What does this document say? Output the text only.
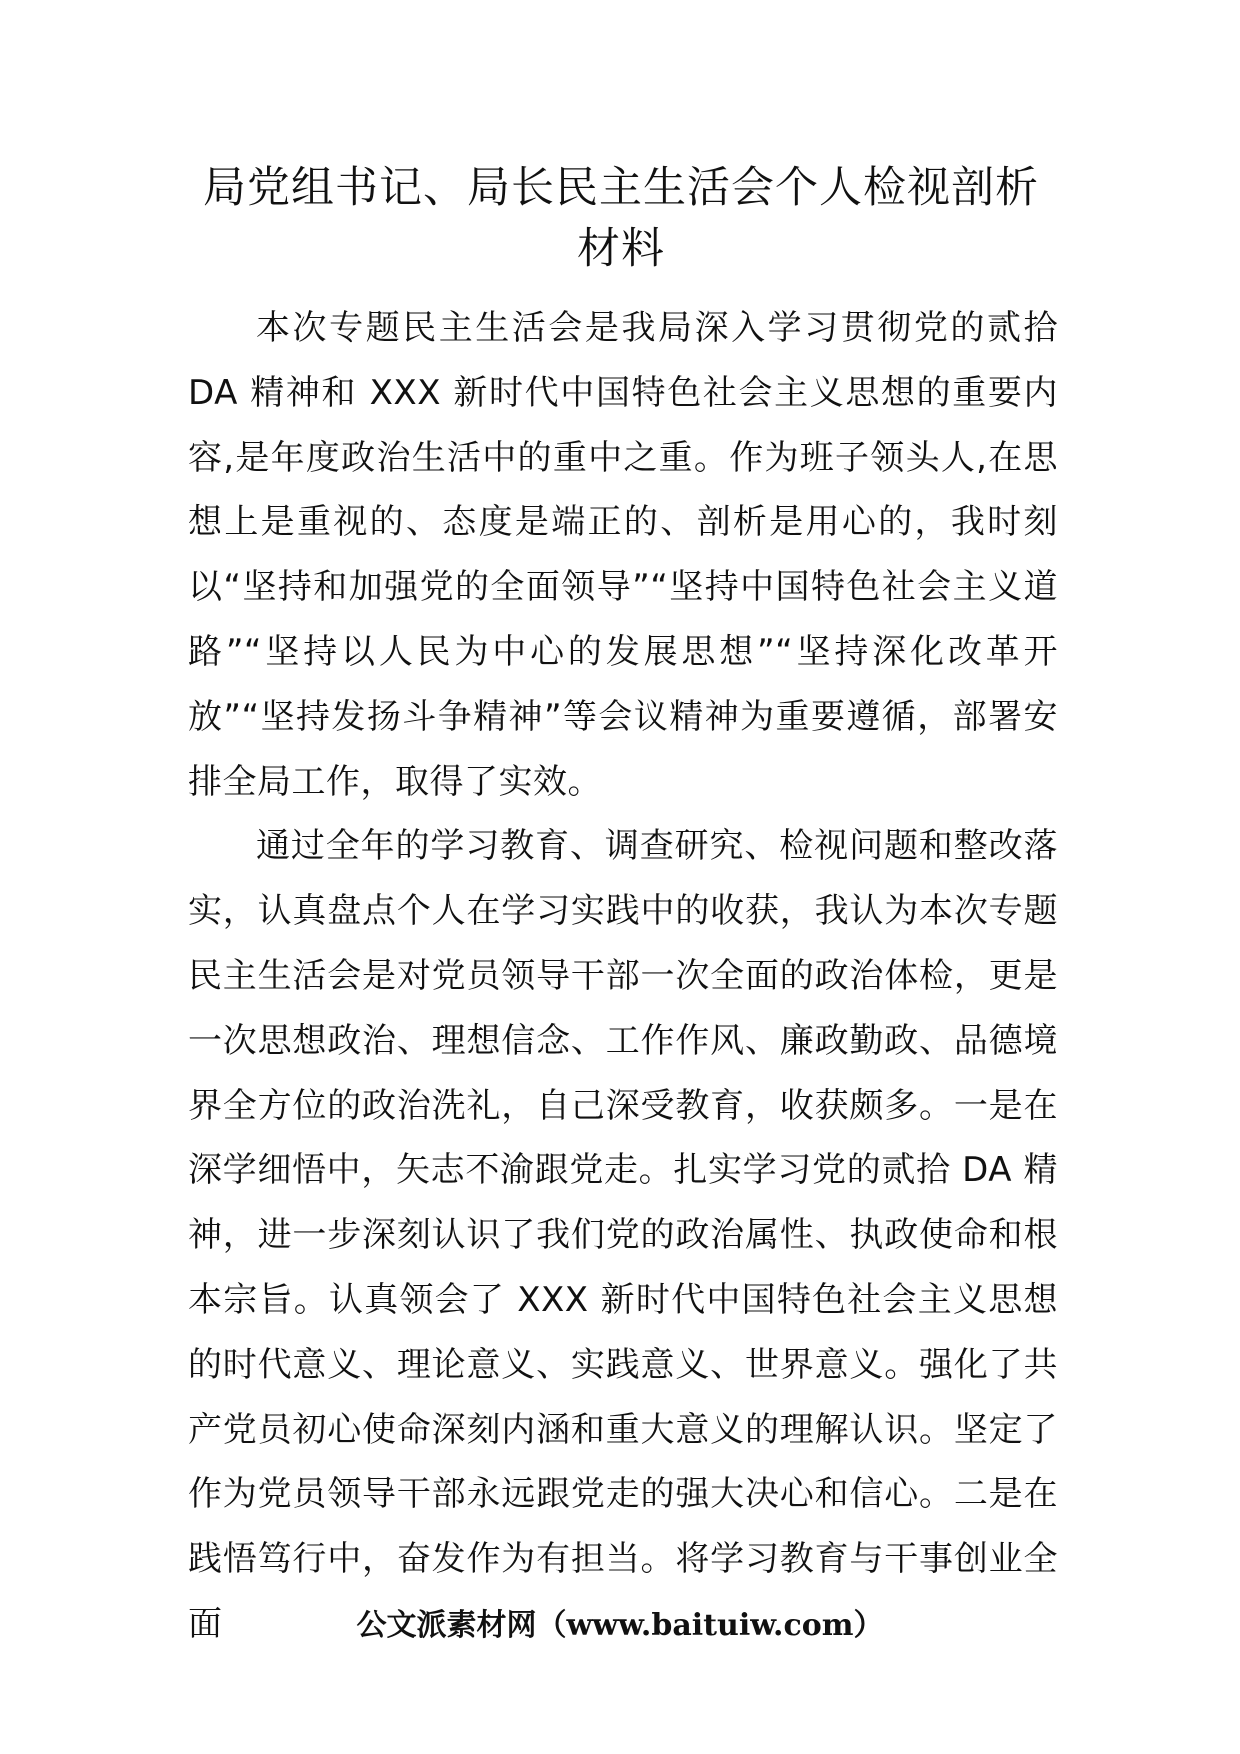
局党组书记、局长民主生活会个人检视剖析材料

本次专题民主生活会是我局深入学习贯彻党的贰拾 DA 精神和 XXX 新时代中国特色社会主义思想的重要内容,是年度政治生活中的重中之重。作为班子领头人,在思想上是重视的、态度是端正的、剖析是用心的，我时刻以“坚持和加强党的全面领导”“坚持中国特色社会主义道路”“坚持以人民为中心的发展思想”“坚持深化改革开放”“坚持发扬斗争精神”等会议精神为重要遵循，部署安排全局工作，取得了实效。

通过全年的学习教育、调查研究、检视问题和整改落实，认真盘点个人在学习实践中的收获，我认为本次专题民主生活会是对党员领导干部一次全面的政治体检，更是一次思想政治、理想信念、工作作风、廉政勤政、品德境界全方位的政治洗礼，自己深受教育，收获颇多。一是在深学细悟中，矢志不渝跟党走。扎实学习党的贰拾 DA 精神，进一步深刻认识了我们党的政治属性、执政使命和根本宗旨。认真领会了 XXX 新时代中国特色社会主义思想的时代意义、理论意义、实践意义、世界意义。强化了共产党员初心使命深刻内涵和重大意义的理解认识。坚定了作为党员领导干部永远跟党走的强大决心和信心。二是在践悟笃行中，奋发作为有担当。将学习教育与干事创业全面	公文派素材网（www.baituiw.com）
